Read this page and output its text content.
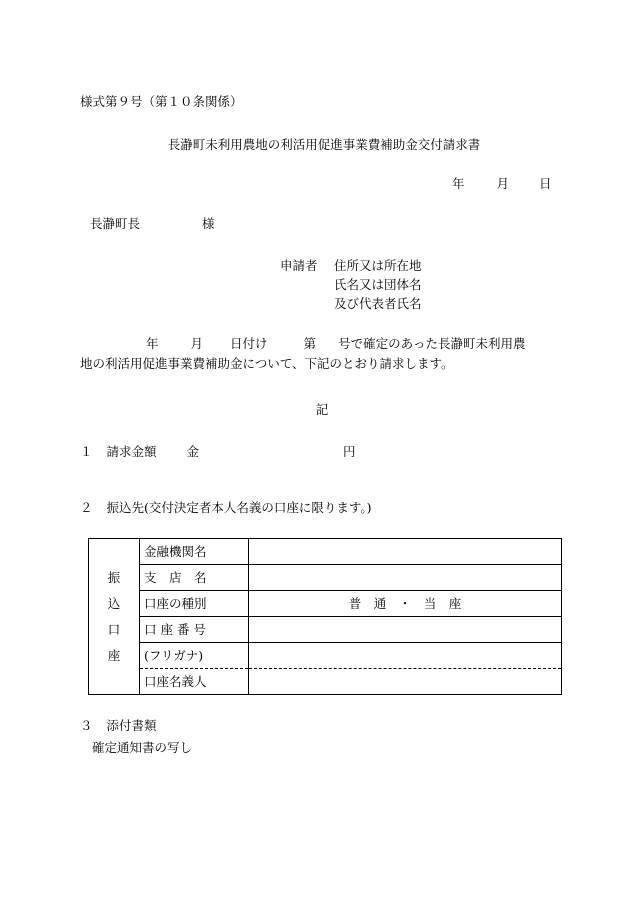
様式第９号（第１０条関係）
長瀞町未利用農地の利活用促進事業費補助金交付請求書
年	月 日
長瀞町長	様
申請者 住所又は所在地
氏名又は団体名
及び代表者氏名
年	月 日付け	第 号で確定のあった長瀞町未利用農
地の利活用促進事業費補助金について、下記のとおり請求します。
記
１ 請求金額 金	円
２ 振込先(交付決定者本人名義の口座に限ります。)
振
込
口
座	金融機関名	
	支　店　名	
	口座の種別	普　通　・　当　座
	口 座 番 号	
	(フリガナ)	
	口座名義人	
３ 添付書類
確定通知書の写し
